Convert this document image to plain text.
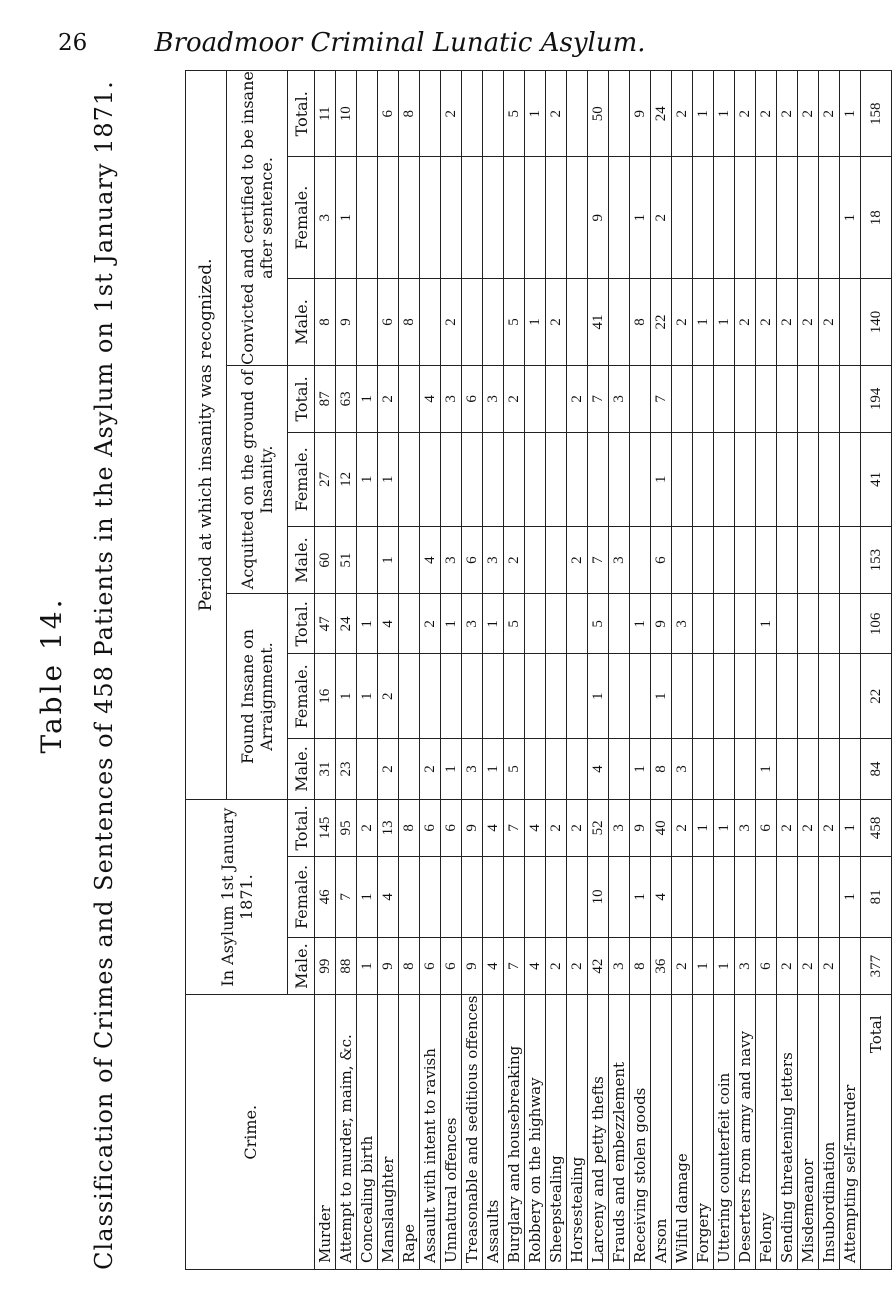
26	Broadmoor Criminal Lunatic Asylum.
Table 14. Classification of Crimes and Sentences of 458 Patients in the Asylum on 1st January 1871.	Crime.	In Asylum 1st January 1871.			Period at which insanity was recognized.								
				Found Insane on Arraignment.			Acquitted on the ground of Insanity.			Convicted and certified to be insane after sentence.		
	Male.	Female.	Total.	Male.	Female.	Total.	Male.	Female.	Total.	Male.	Female.	Total.
Murder	99	46	145	31	16	47	60	27	87	8	3	11
Attempt to murder, maim, &c.	88	7	95	23	1	24	51	12	63	9	1	10
Concealing birth	1	1	2		1	1		1	1			
Manslaughter	9	4	13	2	2	4	1	1	2	6		6
Rape	8		8							8		8
Assault with intent to ravish	6		6	2		2	4		4			
Unnatural offences	6		6	1		1	3		3	2		2
Treasonable and seditious offences	9		9	3		3	6		6			
Assaults	4		4	1		1	3		3			
Burglary and housebreaking	7		7	5		5	2		2	5		5
Robbery on the highway	4		4							1		1
Sheepstealing	2		2							2		2
Horsestealing	2		2				2		2			
Larceny and petty thefts	42	10	52	4	1	5	7		7	41	9	50
Frauds and embezzlement	3		3				3		3			
Receiving stolen goods	8	1	9	1		1				8	1	9
Arson	36	4	40	8	1	9	6	1	7	22	2	24
Wilful damage	2		2	3		3				2		2
Forgery	1		1							1		1
Uttering counterfeit coin	1		1							1		1
Deserters from army and navy	3		3							2		2
Felony	6		6	1		1				2		2
Sending threatening letters	2		2							2		2
Misdemeanor	2		2							2		2
Insubordination	2		2							2		2
Attempting self-murder		1	1								1	1
Total	377	81	458	84	22	106	153	41	194	140	18	158
